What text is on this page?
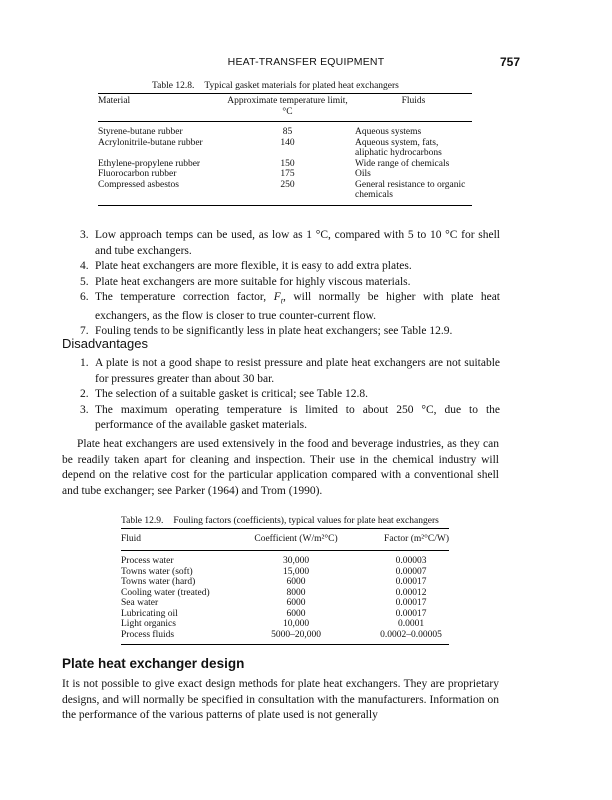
HEAT-TRANSFER EQUIPMENT	757
Table 12.8. Typical gasket materials for plated heat exchangers
Material	Approximate temperature limit, °C	Fluids

Styrene-butane rubber	85	Aqueous systems
Acrylonitrile-butane rubber	140	Aqueous system, fats, aliphatic hydrocarbons
Ethylene-propylene rubber	150	Wide range of chemicals
Fluorocarbon rubber	175	Oils
Compressed asbestos	250	General resistance to organic chemicals
3. Low approach temps can be used, as low as 1 °C, compared with 5 to 10 °C for shell and tube exchangers.
4. Plate heat exchangers are more flexible, it is easy to add extra plates.
5. Plate heat exchangers are more suitable for highly viscous materials.
6. The temperature correction factor, $F_t$, will normally be higher with plate heat exchangers, as the flow is closer to true counter-current flow.
7. Fouling tends to be significantly less in plate heat exchangers; see Table 12.9.
Disadvantages
1. A plate is not a good shape to resist pressure and plate heat exchangers are not suitable for pressures greater than about 30 bar.
2. The selection of a suitable gasket is critical; see Table 12.8.
3. The maximum operating temperature is limited to about 250 °C, due to the performance of the available gasket materials.
Plate heat exchangers are used extensively in the food and beverage industries, as they can be readily taken apart for cleaning and inspection. Their use in the chemical industry will depend on the relative cost for the particular application compared with a conventional shell and tube exchanger; see Parker (1964) and Trom (1990).
Table 12.9. Fouling factors (coefficients), typical values for plate heat exchangers
Fluid	Coefficient (W/m²°C)	Factor (m²°C/W)

Process water	30,000	0.00003
Towns water (soft)	15,000	0.00007
Towns water (hard)	6000	0.00017
Cooling water (treated)	8000	0.00012
Sea water	6000	0.00017
Lubricating oil	6000	0.00017
Light organics	10,000	0.0001
Process fluids	5000–20,000	0.0002–0.00005
Plate heat exchanger design
It is not possible to give exact design methods for plate heat exchangers. They are proprietary designs, and will normally be specified in consultation with the manufacturers. Information on the performance of the various patterns of plate used is not generally
